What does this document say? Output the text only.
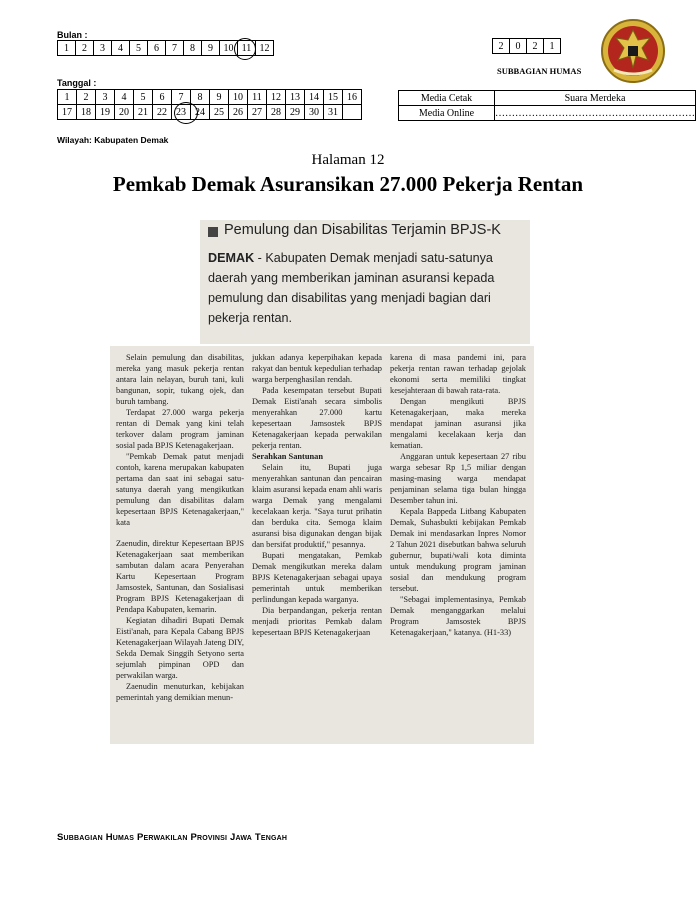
Bulan :
1	2	3	4	5	6	7	8	9	10	11	12	2	0	2	1
SUBBAGIAN HUMAS
Tanggal :
1	2	3	4	5	6	7	8	9	10	11	12	13	14	15	16
17	18	19	20	21	22	23	24	25	26	27	28	29	30	31	
Media Cetak	Suara Merdeka
Media Online	……………………………………………………
Wilayah: Kabupaten Demak
Halaman 12
Pemkab Demak Asuransikan 27.000 Pekerja Rentan
Pemulung dan Disabilitas Terjamin BPJS-K
DEMAK - Kabupaten Demak menjadi satu-satunya daerah yang memberikan jaminan asuransi kepada pemulung dan disabilitas yang menjadi bagian dari pekerja rentan.

Selain pemulung dan disabilitas, mereka yang masuk pekerja rentan antara lain nelayan, buruh tani, kuli bangunan, sopir, tukang ojek, dan buruh tambang.

Terdapat 27.000 warga pekerja rentan di Demak yang kini telah terkover dalam program jaminan sosial pada BPJS Ketenagakerjaan.

"Pemkab Demak patut menjadi contoh, karena merupakan kabupaten pertama dan saat ini sebagai satu-satunya daerah yang mengikutkan pemulung dan disabilitas dalam kepesertaan BPJS Ketenagakerjaan," kata

Zaenudin, direktur Kepesertaan BPJS Ketenagakerjaan saat memberikan sambutan dalam acara Penyerahan Kartu Kepesertaan Program Jamsostek, Santunan, dan Sosialisasi Program BPJS Ketenagakerjaan di Pendapa Kabupaten, kemarin.

Kegiatan dihadiri Bupati Demak Eisti'anah, para Kepala Cabang BPJS Ketenagakerjaan Wilayah Jateng DIY, Sekda Demak Singgih Setyono serta sejumlah pimpinan OPD dan perwakilan warga.

Zaenudin menuturkan, kebijakan pemerintah yang demikian menun-

jukkan adanya keperpihakan kepada rakyat dan bentuk kepedulian terhadap warga berpenghasilan rendah.

Pada kesempatan tersebut Bupati Demak Eisti'anah secara simbolis menyerahkan 27.000 kartu kepesertaan Jamsostek BPJS Ketenagakerjaan kepada perwakilan pekerja rentan.

Serahkan Santunan

Selain itu, Bupati juga menyerahkan santunan dan pencairan klaim asuransi kepada enam ahli waris warga Demak yang mengalami kecelakaan kerja. "Saya turut prihatin dan berduka cita. Semoga klaim asuransi bisa digunakan dengan bijak dan bersifat produktif," pesannya.

Bupati mengatakan, Pemkab Demak mengikutkan mereka dalam BPJS Ketenagakerjaan sebagai upaya pemerintah untuk memberikan perlindungan kepada warganya.

Dia berpandangan, pekerja rentan menjadi prioritas Pemkab dalam kepesertaan BPJS Ketenagakerjaan

karena di masa pandemi ini, para pekerja rentan rawan terhadap gejolak ekonomi serta memiliki tingkat kesejahteraan di bawah rata-rata.

Dengan mengikuti BPJS Ketenagakerjaan, maka mereka mendapat jaminan asuransi jika mengalami kecelakaan kerja dan kematian.

Anggaran untuk kepesertaan 27 ribu warga sebesar Rp 1,5 miliar dengan masing-masing warga mendapat penjaminan selama tiga bulan hingga Desember tahun ini.

Kepala Bappeda Litbang Kabupaten Demak, Suhasbukti kebijakan Pemkab Demak ini mendasarkan Inpres Nomor 2 Tahun 2021 disebutkan bahwa seluruh gubernur, bupati/wali kota diminta untuk mendukung program jaminan sosial dan mendukung program tersebut.

"Sebagai implementasinya, Pemkab Demak menganggarkan melalui Program Jamsostek BPJS Ketenagakerjaan," katanya. (H1-33)

Subbagian Humas Perwakilan Provinsi Jawa Tengah
